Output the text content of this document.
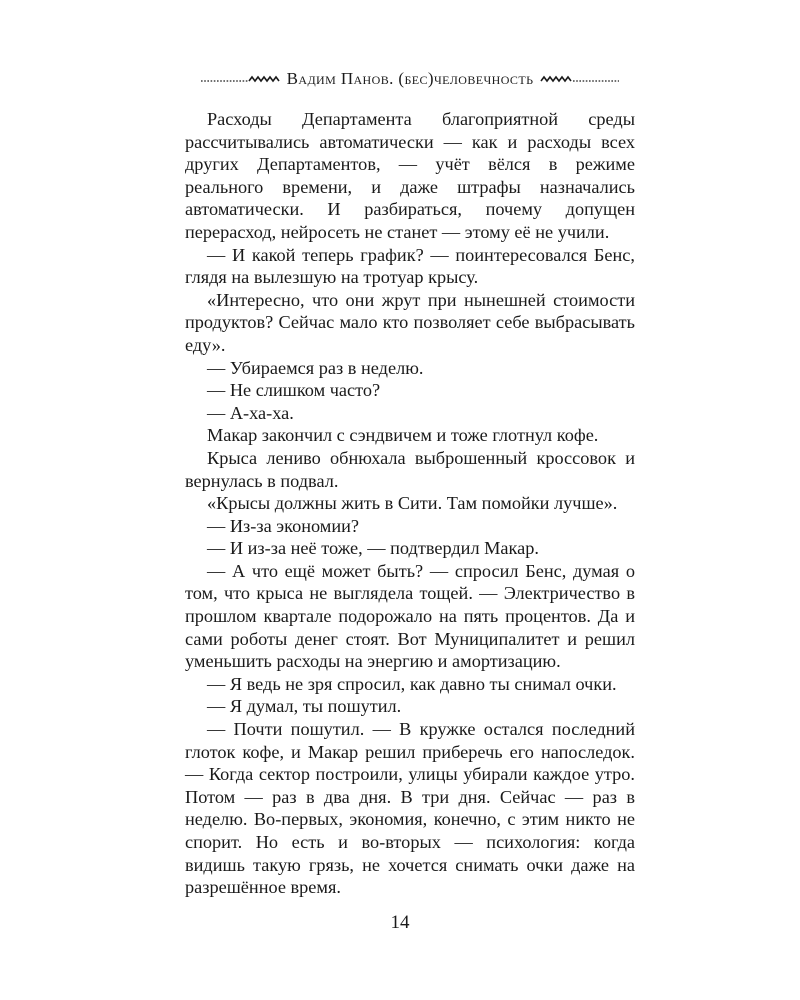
Вадим Панов. (бес)человечность

Расходы Департамента благоприятной среды рассчитывались автоматически — как и расходы всех других Департаментов, — учёт вёлся в режиме реального времени, и даже штрафы назначались автоматически. И разбираться, почему допущен перерасход, нейросеть не станет — этому её не учили.

— И какой теперь график? — поинтересовался Бенс, глядя на вылезшую на тротуар крысу.

«Интересно, что они жрут при нынешней стоимости продуктов? Сейчас мало кто позволяет себе выбрасывать еду».

— Убираемся раз в неделю.

— Не слишком часто?

— А-ха-ха.

Макар закончил с сэндвичем и тоже глотнул кофе.

Крыса лениво обнюхала выброшенный кроссовок и вернулась в подвал.

«Крысы должны жить в Сити. Там помойки лучше».

— Из-за экономии?

— И из-за неё тоже, — подтвердил Макар.

— А что ещё может быть? — спросил Бенс, думая о том, что крыса не выглядела тощей. — Электричество в прошлом квартале подорожало на пять процентов. Да и сами роботы денег стоят. Вот Муниципалитет и решил уменьшить расходы на энергию и амортизацию.

— Я ведь не зря спросил, как давно ты снимал очки.

— Я думал, ты пошутил.

— Почти пошутил. — В кружке остался последний глоток кофе, и Макар решил приберечь его напоследок. — Когда сектор построили, улицы убирали каждое утро. Потом — раз в два дня. В три дня. Сейчас — раз в неделю. Во-первых, экономия, конечно, с этим никто не спорит. Но есть и во-вторых — психология: когда видишь такую грязь, не хочется снимать очки даже на разрешённое время.

14
